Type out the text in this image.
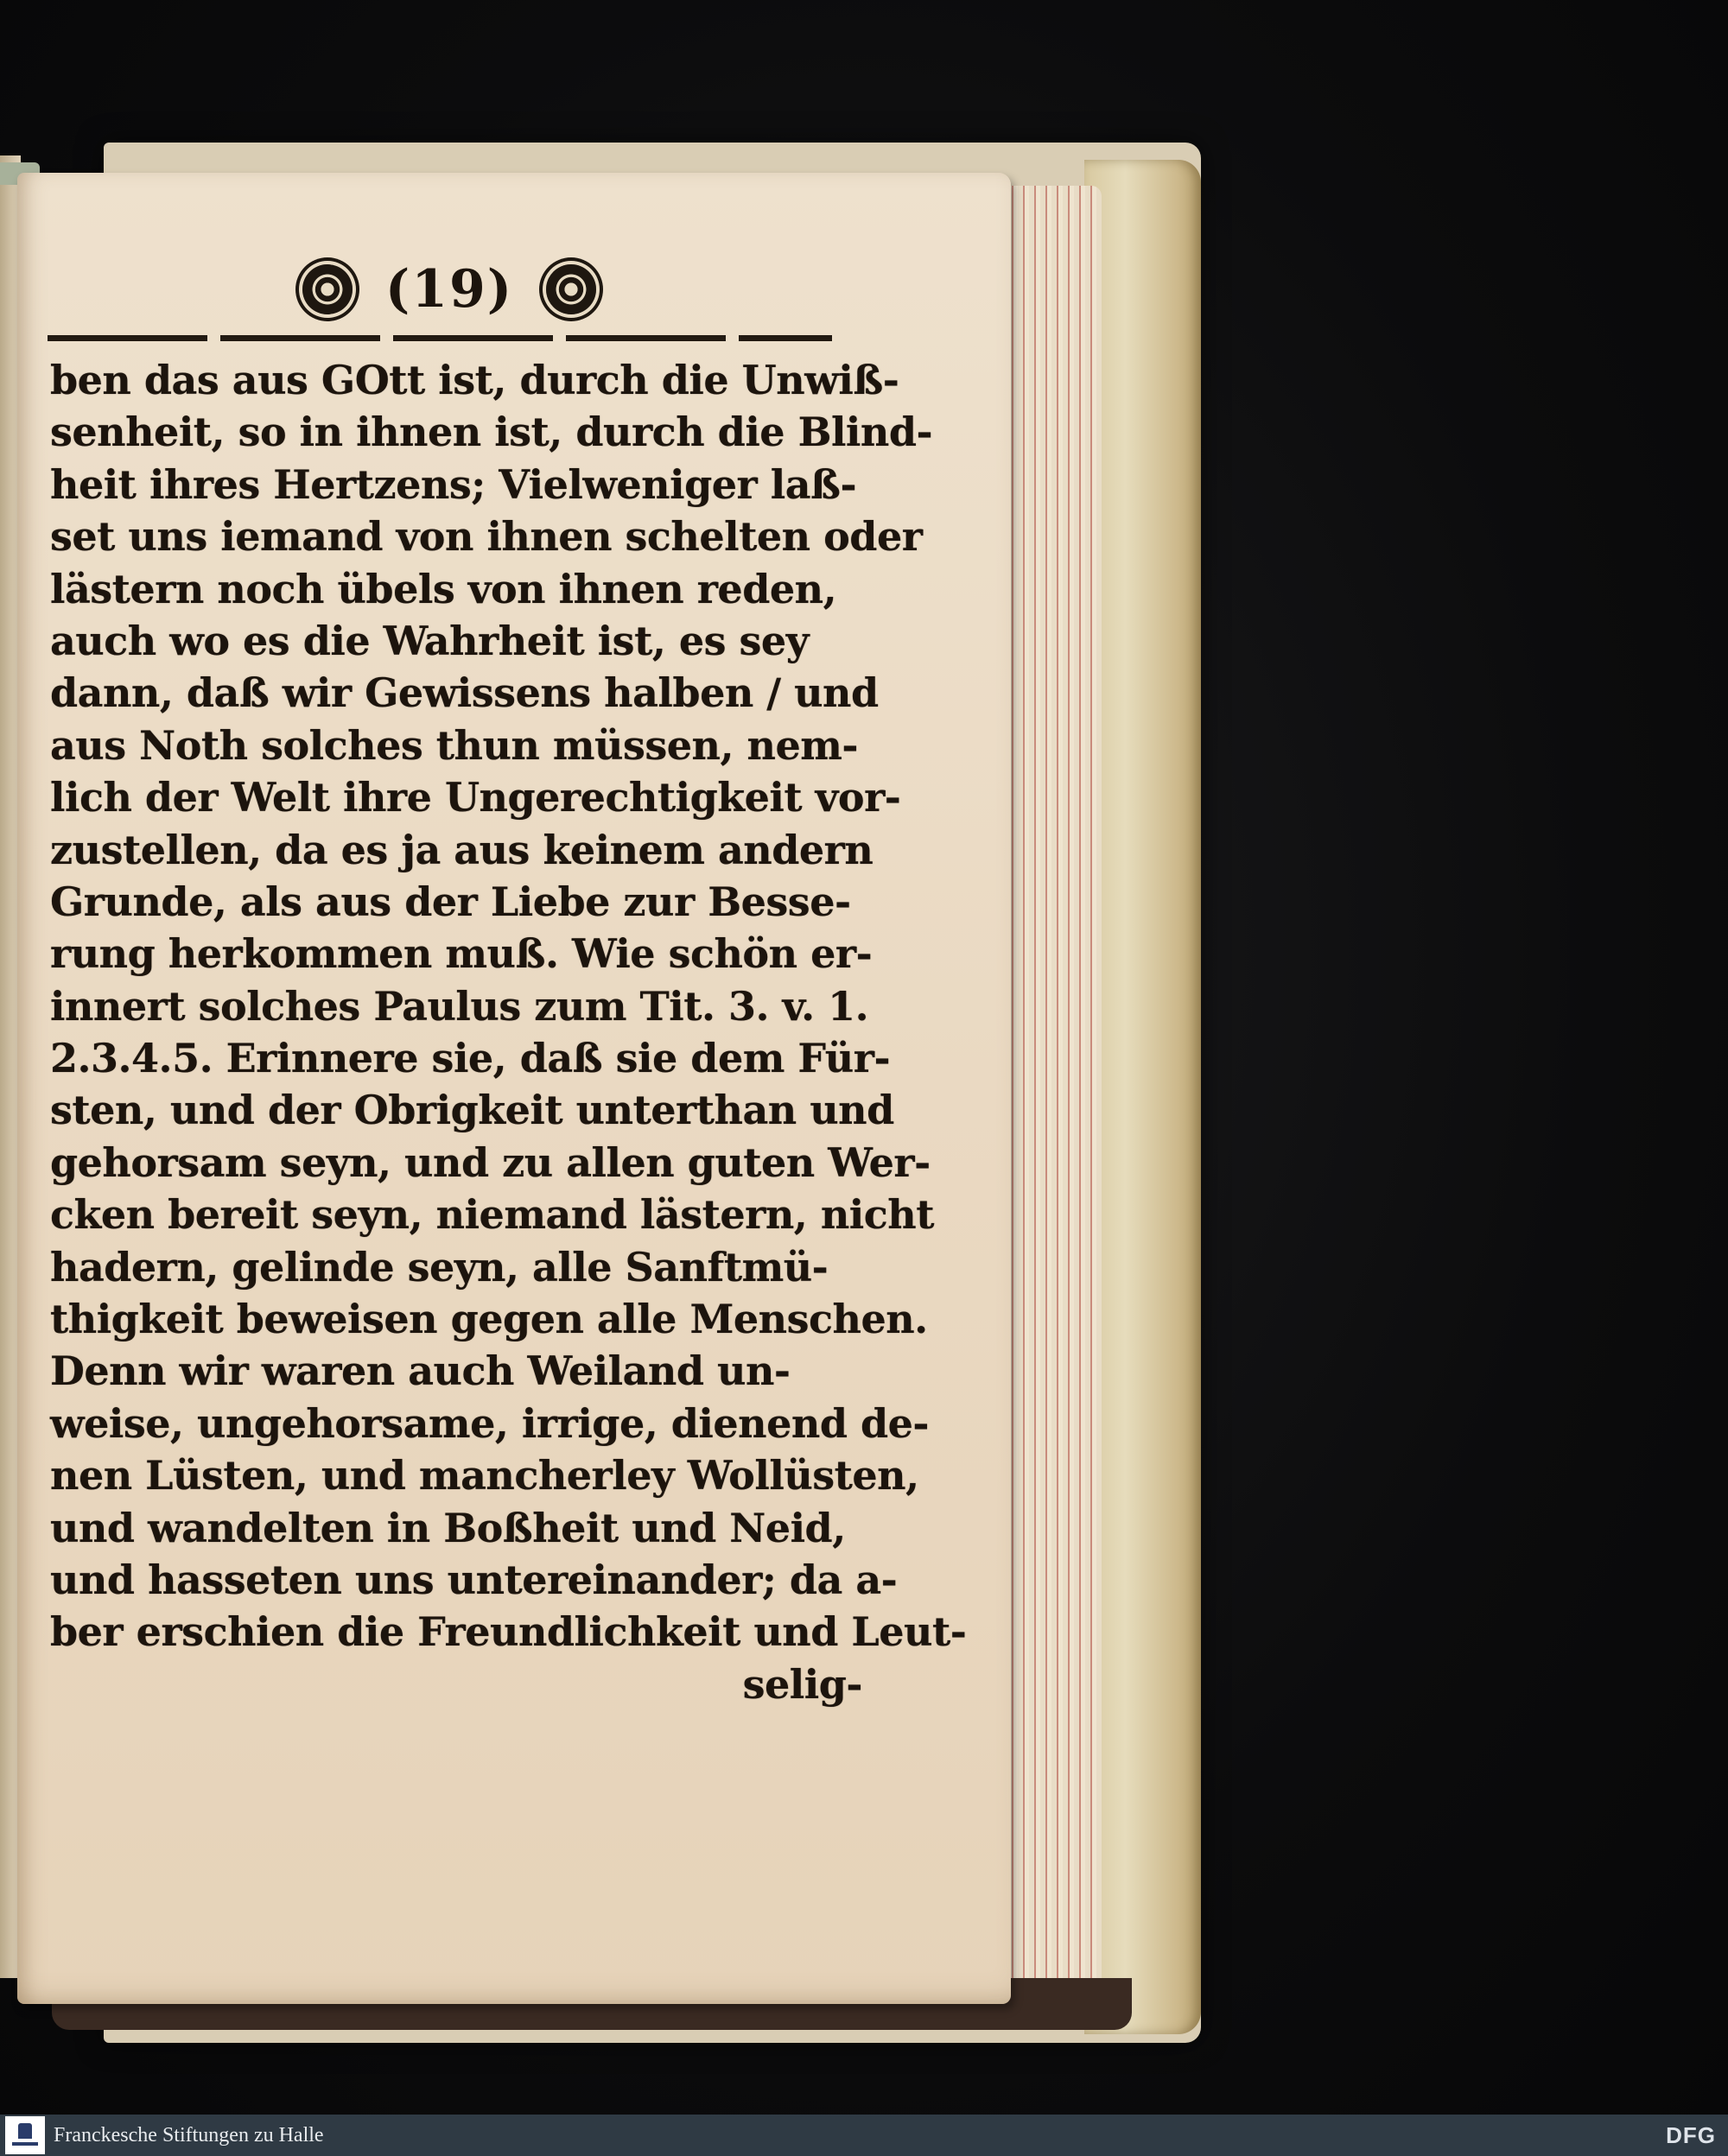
(19)
ben das aus GOtt ist, durch die Unwiß-
senheit, so in ihnen ist, durch die Blind-
heit ihres Hertzens; Vielweniger laß-
set uns iemand von ihnen schelten oder
lästern noch übels von ihnen reden,
auch wo es die Wahrheit ist, es sey
dann, daß wir Gewissens halben / und
aus Noth solches thun müssen, nem-
lich der Welt ihre Ungerechtigkeit vor-
zustellen, da es ja aus keinem andern
Grunde, als aus der Liebe zur Besse-
rung herkommen muß. Wie schön er-
innert solches Paulus zum Tit. 3. v. 1.
2.3.4.5. Erinnere sie, daß sie dem Für-
sten, und der Obrigkeit unterthan und
gehorsam seyn, und zu allen guten Wer-
cken bereit seyn, niemand lästern, nicht
hadern, gelinde seyn, alle Sanftmü-
thigkeit beweisen gegen alle Menschen.
Denn wir waren auch Weiland un-
weise, ungehorsame, irrige, dienend de-
nen Lüsten, und mancherley Wollüsten,
und wandelten in Boßheit und Neid,
und hasseten uns untereinander; da a-
ber erschien die Freundlichkeit und Leut-
selig-
Franckesche Stiftungen zu Halle	DFG
